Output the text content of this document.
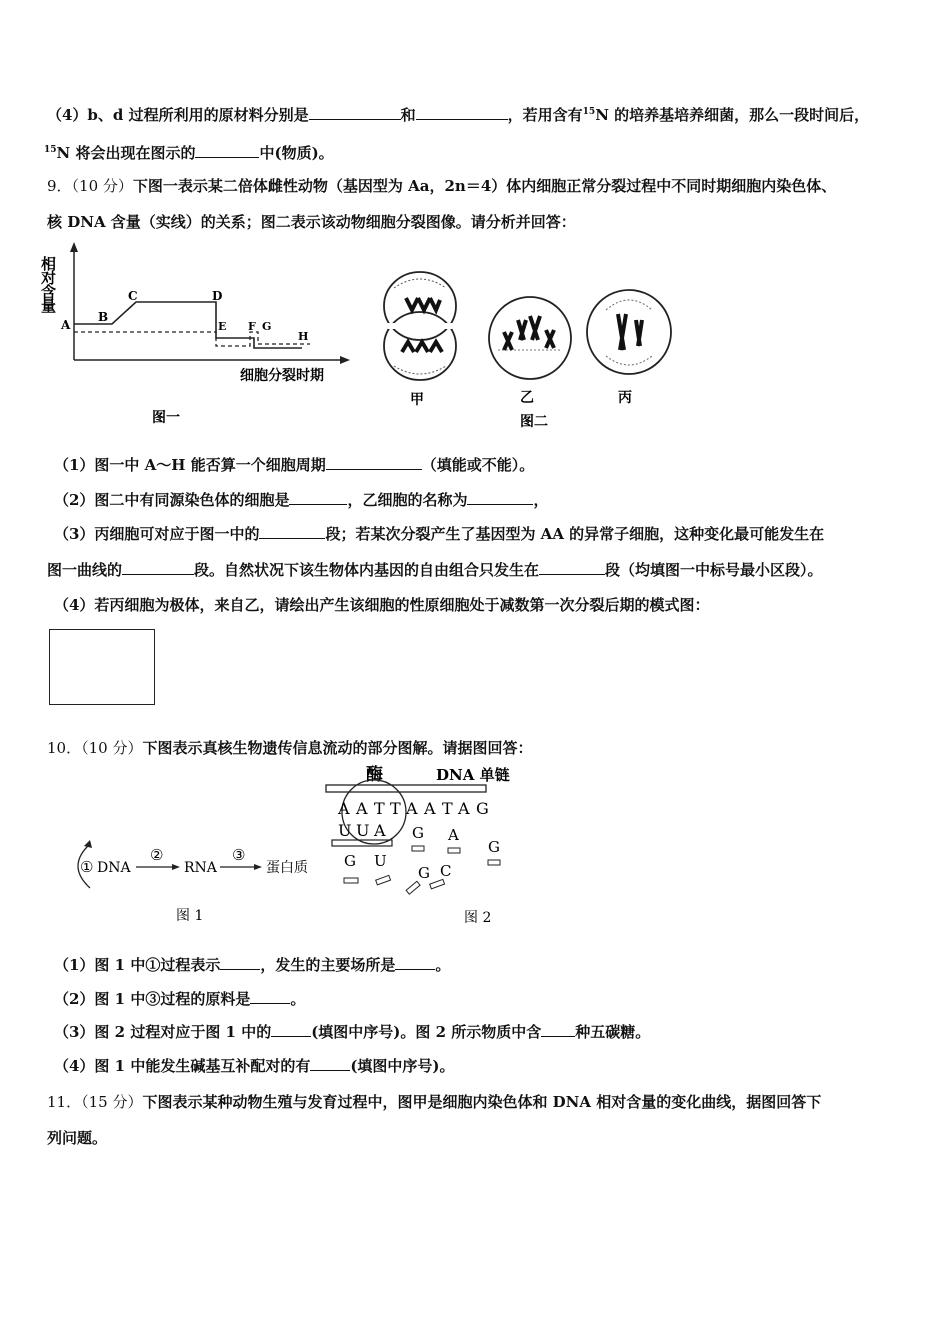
（4）b、d 过程所利用的原材料分别是	和	，若用含有$^{15}$N 的培养基培养细菌，那么一段时间后，
$^{15}$N 将会出现在图示的	中(物质)。
9．（10 分）下图一表示某二倍体雌性动物（基因型为 Aa，2n＝4）体内细胞正常分裂过程中不同时期细胞内染色体、
核 DNA 含量（实线）的关系；图二表示该动物细胞分裂图像。请分析并回答：
相对含量
A
B
C	D
E F G
H
细胞分裂时期
图一
甲	乙	丙
图二
（1）图一中 A～H 能否算一个细胞周期	（填能或不能）。
（2）图二中有同源染色体的细胞是	，乙细胞的名称为	，
（3）丙细胞可对应于图一中的	段；若某次分裂产生了基因型为 AA 的异常子细胞，这种变化最可能发生在
图一曲线的	段。自然状况下该生物体内基因的自由组合只发生在	段（均填图一中标号最小区段）。
（4）若丙细胞为极体，来自乙，请绘出产生该细胞的性原细胞处于减数第一次分裂后期的模式图：
10．（10 分）下图表示真核生物遗传信息流动的部分图解。请据图回答：
① DNA
②
RNA
③
蛋白质
图 1
酶	DNA 单链
A A T T A A T A G
U U A G A
G
G U
G C
图 2
（1）图 1 中①过程表示	，发生的主要场所是	。
（2）图 1 中③过程的原料是	。
（3）图 2 过程对应于图 1 中的	(填图中序号)。图 2 所示物质中含 种五碳糖。
（4）图 1 中能发生碱基互补配对的有	(填图中序号)。
11．（15 分）下图表示某种动物生殖与发育过程中，图甲是细胞内染色体和 DNA 相对含量的变化曲线，据图回答下
列问题。
